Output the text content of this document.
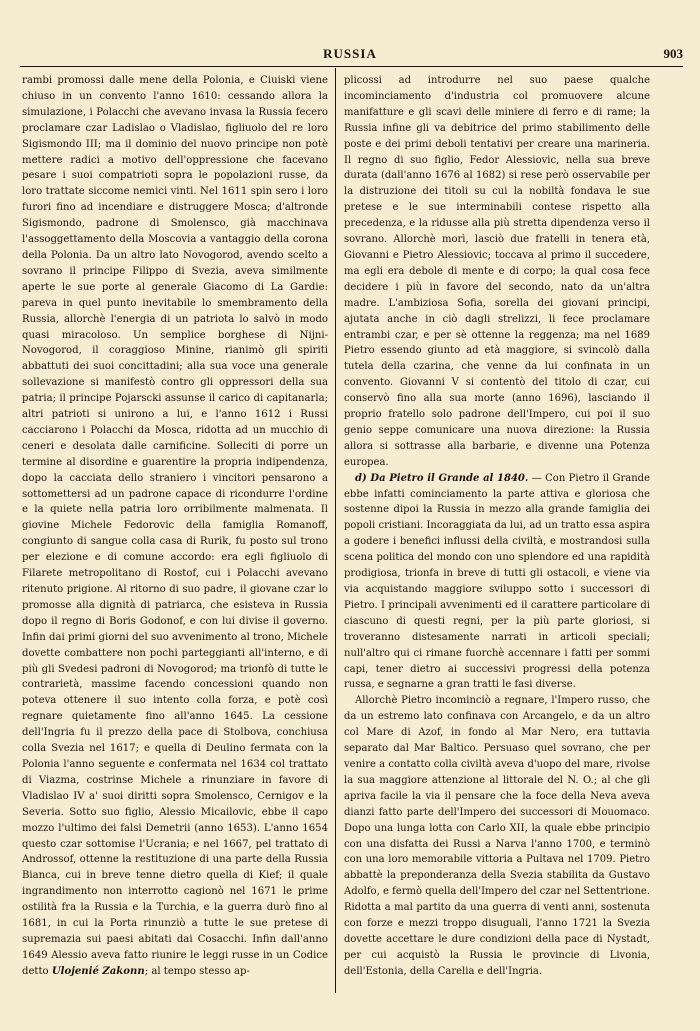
RUSSIA	903

rambi promossi dalle mene della Polonia, e Ciuiski viene chiuso in un convento l'anno 1610: cessando allora la simulazione, i Polacchi che avevano invasa la Russia fecero proclamare czar Ladislao o Vladislao, figliuolo del re loro Sigismondo III; ma il dominio del nuovo principe non potè mettere radici a motivo dell'oppressione che facevano pesare i suoi compatrioti sopra le popolazioni russe, da loro trattate siccome nemici vinti. Nel 1611 spin sero i loro furori fino ad incendiare e distruggere Mosca; d'altronde Sigismondo, padrone di Smolensco, già macchinava l'assoggettamento della Moscovia a vantaggio della corona della Polonia. Da un altro lato Novogorod, avendo scelto a sovrano il principe Filippo di Svezia, aveva similmente aperte le sue porte al generale Giacomo di La Gardie: pareva in quel punto inevitabile lo smembramento della Russia, allorchè l'energia di un patriota lo salvò in modo quasi miracoloso. Un semplice borghese di Nijni-Novogorod, il coraggioso Minine, rianimò gli spiriti abbattuti dei suoi concittadini; alla sua voce una generale sollevazione si manifestò contro gli oppressori della sua patria; il principe Pojarscki assunse il carico di capitanarla; altri patrioti si unirono a lui, e l'anno 1612 i Russi cacciarono i Polacchi da Mosca, ridotta ad un mucchio di ceneri e desolata dalle carnificine. Solleciti di porre un termine al disordine e guarentire la propria indipendenza, dopo la cacciata dello straniero i vincitori pensarono a sottomettersi ad un padrone capace di ricondurre l'ordine e la quiete nella patria loro orribilmente malmenata. Il giovine Michele Fedorovic della famiglia Romanoff, congiunto di sangue colla casa di Rurik, fu posto sul trono per elezione e di comune accordo: era egli figliuolo di Filarete metropolitano di Rostof, cui i Polacchi avevano ritenuto prigione. Al ritorno di suo padre, il giovane czar lo promosse alla dignità di patriarca, che esisteva in Russia dopo il regno di Boris Godonof, e con lui divise il governo. Infin dai primi giorni del suo avvenimento al trono, Michele dovette combattere non pochi parteggianti all'interno, e di più gli Svedesi padroni di Novogorod; ma trionfò di tutte le contrarietà, massime facendo concessioni quando non poteva ottenere il suo intento colla forza, e potè così regnare quietamente fino all'anno 1645. La cessione dell'Ingria fu il prezzo della pace di Stolbova, conchiusa colla Svezia nel 1617; e quella di Deulino fermata con la Polonia l'anno seguente e confermata nel 1634 col trattato di Viazma, costrinse Michele a rinunziare in favore di Vladislao IV a' suoi diritti sopra Smolensco, Cernigov e la Severia. Sotto suo figlio, Alessio Micailovic, ebbe il capo mozzo l'ultimo dei falsi Demetrii (anno 1653). L'anno 1654 questo czar sottomise l'Ucrania; e nel 1667, pel trattato di Androssof, ottenne la restituzione di una parte della Russia Bianca, cui in breve tenne dietro quella di Kief; il quale ingrandimento non interrotto cagionò nel 1671 le prime ostilità fra la Russia e la Turchia, e la guerra durò fino al 1681, in cui la Porta rinunziò a tutte le sue pretese di supremazia sui paesi abitati dai Cosacchi. Infin dall'anno 1649 Alessio aveva fatto riunire le leggi russe in un Codice detto Ulojenié Zakonn; al tempo stesso ap-

plicossi ad introdurre nel suo paese qualche incominciamento d'industria col promuovere alcune manifatture e gli scavi delle miniere di ferro e di rame; la Russia infine gli va debitrice del primo stabilimento delle poste e dei primi deboli tentativi per creare una marineria. Il regno di suo figlio, Fedor Alessiovic, nella sua breve durata (dall'anno 1676 al 1682) si rese però osservabile per la distruzione dei titoli su cui la nobiltà fondava le sue pretese e le sue interminabili contese rispetto alla precedenza, e la ridusse alla più stretta dipendenza verso il sovrano. Allorchè morì, lasciò due fratelli in tenera età, Giovanni e Pietro Alessiovic; toccava al primo il succedere, ma egli era debole di mente e di corpo; la qual cosa fece decidere i più in favore del secondo, nato da un'altra madre. L'ambiziosa Sofia, sorella dei giovani principi, ajutata anche in ciò dagli strelizzi, li fece proclamare entrambi czar, e per sè ottenne la reggenza; ma nel 1689 Pietro essendo giunto ad età maggiore, si svincolò dalla tutela della czarina, che venne da lui confinata in un convento. Giovanni V si contentò del titolo di czar, cui conservò fino alla sua morte (anno 1696), lasciando il proprio fratello solo padrone dell'Impero, cui poi il suo genio seppe comunicare una nuova direzione: la Russia allora si sottrasse alla barbarie, e divenne una Potenza europea.

d) Da Pietro il Grande al 1840. — Con Pietro il Grande ebbe infatti cominciamento la parte attiva e gloriosa che sostenne dipoi la Russia in mezzo alla grande famiglia dei popoli cristiani. Incoraggiata da lui, ad un tratto essa aspira a godere i benefici influssi della civiltà, e mostrandosi sulla scena politica del mondo con uno splendore ed una rapidità prodigiosa, trionfa in breve di tutti gli ostacoli, e viene via via acquistando maggiore sviluppo sotto i successori di Pietro. I principali avvenimenti ed il carattere particolare di ciascuno di questi regni, per la più parte gloriosi, si troveranno distesamente narrati in articoli speciali; null'altro qui ci rimane fuorchè accennare i fatti per sommi capi, tener dietro ai successivi progressi della potenza russa, e segnarne a gran tratti le fasi diverse.

Allorchè Pietro incominciò a regnare, l'Impero russo, che da un estremo lato confinava con Arcangelo, e da un altro col Mare di Azof, in fondo al Mar Nero, era tuttavia separato dal Mar Baltico. Persuaso quel sovrano, che per venire a contatto colla civiltà aveva d'uopo del mare, rivolse la sua maggiore attenzione al littorale del N. O.; al che gli apriva facile la via il pensare che la foce della Neva aveva dianzi fatto parte dell'Impero dei successori di Mouomaco. Dopo una lunga lotta con Carlo XII, la quale ebbe principio con una disfatta dei Russi a Narva l'anno 1700, e terminò con una loro memorabile vittoria a Pultava nel 1709. Pietro abbattè la preponderanza della Svezia stabilita da Gustavo Adolfo, e fermò quella dell'Impero del czar nel Settentrione. Ridotta a mal partito da una guerra di venti anni, sostenuta con forze e mezzi troppo disuguali, l'anno 1721 la Svezia dovette accettare le dure condizioni della pace di Nystadt, per cui acquistò la Russia le provincie di Livonia, dell'Estonia, della Carelia e dell'Ingria.
